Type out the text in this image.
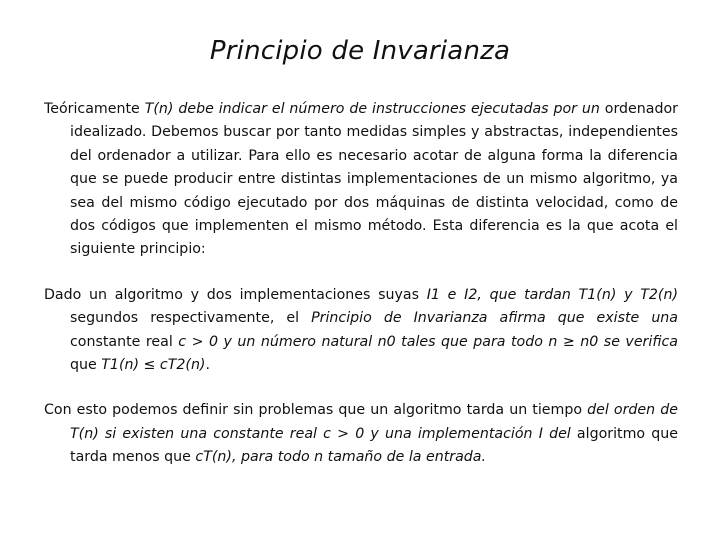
Principio de Invarianza

Teóricamente T(n) debe indicar el número de instrucciones ejecutadas por un ordenador idealizado. Debemos buscar por tanto medidas simples y abstractas, independientes del ordenador a utilizar. Para ello es necesario acotar de alguna forma la diferencia que se puede producir entre distintas implementaciones de un mismo algoritmo, ya sea del mismo código ejecutado por dos máquinas de distinta velocidad, como de dos códigos que implementen el mismo método. Esta diferencia es la que acota el siguiente principio:

Dado un algoritmo y dos implementaciones suyas I1 e I2, que tardan T1(n) y T2(n) segundos respectivamente, el Principio de Invarianza afirma que existe una constante real c > 0 y un número natural n0 tales que para todo n ≥ n0 se verifica que T1(n) ≤ cT2(n).

Con esto podemos definir sin problemas que un algoritmo tarda un tiempo del orden de T(n) si existen una constante real c > 0 y una implementación I del algoritmo que tarda menos que cT(n), para todo n tamaño de la entrada.
